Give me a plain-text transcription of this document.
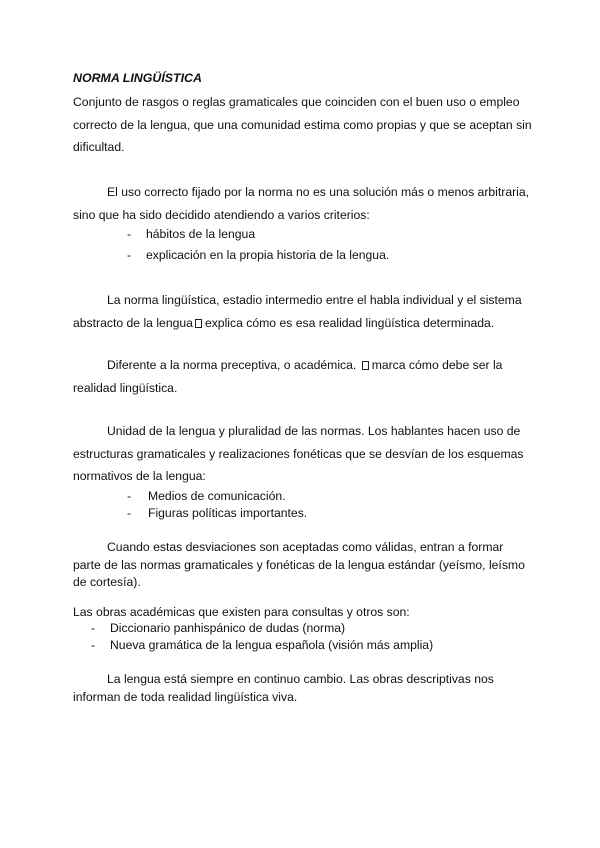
NORMA LINGÜÍSTICA

Conjunto de rasgos o reglas gramaticales que coinciden con el buen uso o empleo correcto de la lengua, que una comunidad estima como propias y que se aceptan sin dificultad.

El uso correcto fijado por la norma no es una solución más o menos arbitraria, sino que ha sido decidido atendiendo a varios criterios:

- hábitos de la lengua
- explicación en la propia historia de la lengua.

La norma lingüística, estadio intermedio entre el habla individual y el sistema abstracto de la lengua explica cómo es esa realidad lingüística determinada.

Diferente a la norma preceptiva, o académica. marca cómo debe ser la realidad lingüística.

Unidad de la lengua y pluralidad de las normas. Los hablantes hacen uso de estructuras gramaticales y realizaciones fonéticas que se desvían de los esquemas normativos de la lengua:

- Medios de comunicación.
- Figuras políticas importantes.

Cuando estas desviaciones son aceptadas como válidas, entran a formar parte de las normas gramaticales y fonéticas de la lengua estándar (yeísmo, leísmo de cortesía).

Las obras académicas que existen para consultas y otros son:

- Diccionario panhispánico de dudas (norma)
- Nueva gramática de la lengua española (visión más amplia)

La lengua está siempre en continuo cambio. Las obras descriptivas nos informan de toda realidad lingüística viva.
